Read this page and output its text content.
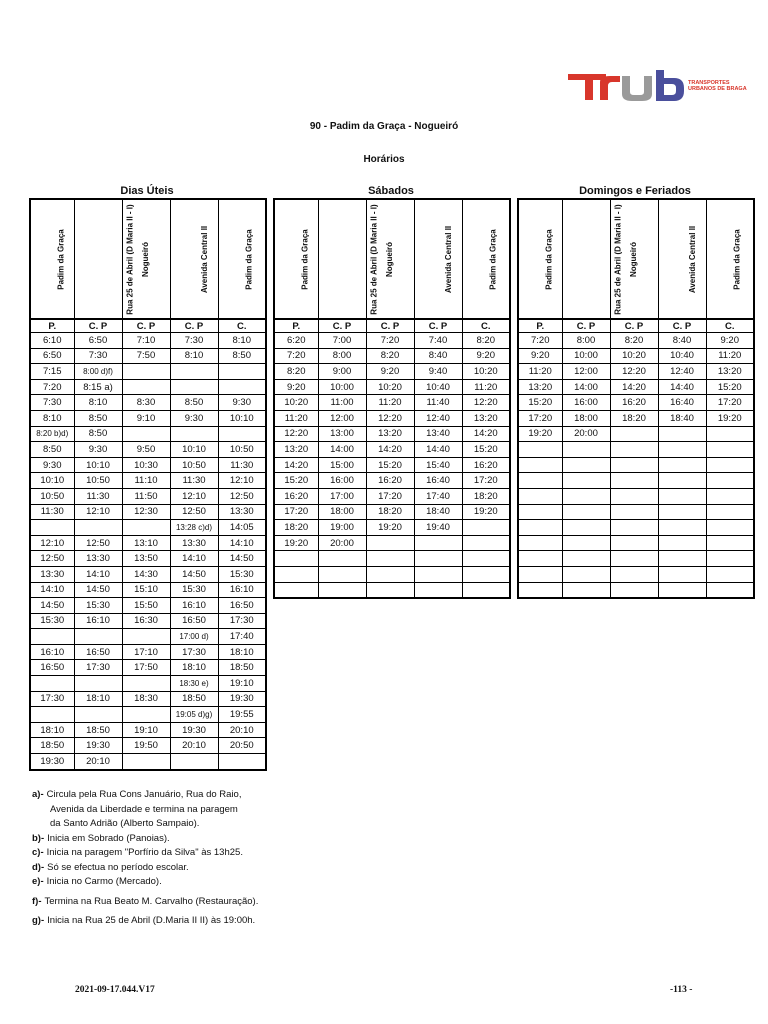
TRANSPORTES
URBANOS DE BRAGA
90 - Padim da Graça - Nogueiró
Horários
Dias Úteis	Sábados	Domingos e Feriados
Padim da Graça	Rua 25 de Abril (D Maria II - I)	Nogueiró	Avenida Central II	Padim da Graça
P.	C. P	C. P	C. P	C.
6:10	6:50	7:10	7:30	8:10
6:50	7:30	7:50	8:10	8:50
7:15	8:00 d)f)			
7:20	8:15 a)			
7:30	8:10	8:30	8:50	9:30
8:10	8:50	9:10	9:30	10:10
8:20 b)d)	8:50			
8:50	9:30	9:50	10:10	10:50
9:30	10:10	10:30	10:50	11:30
10:10	10:50	11:10	11:30	12:10
10:50	11:30	11:50	12:10	12:50
11:30	12:10	12:30	12:50	13:30
			13:28 c)d)	14:05
12:10	12:50	13:10	13:30	14:10
12:50	13:30	13:50	14:10	14:50
13:30	14:10	14:30	14:50	15:30
14:10	14:50	15:10	15:30	16:10
14:50	15:30	15:50	16:10	16:50
15:30	16:10	16:30	16:50	17:30
			17:00 d)	17:40
16:10	16:50	17:10	17:30	18:10
16:50	17:30	17:50	18:10	18:50
			18:30 e)	19:10
17:30	18:10	18:30	18:50	19:30
			19:05 d)g)	19:55
18:10	18:50	19:10	19:30	20:10
18:50	19:30	19:50	20:10	20:50
19:30	20:10			
Padim da Graça	Rua 25 de Abril (D Maria II - I)	Nogueiró	Avenida Central II	Padim da Graça
P.	C. P	C. P	C. P	C.
6:20	7:00	7:20	7:40	8:20
7:20	8:00	8:20	8:40	9:20
8:20	9:00	9:20	9:40	10:20
9:20	10:00	10:20	10:40	11:20
10:20	11:00	11:20	11:40	12:20
11:20	12:00	12:20	12:40	13:20
12:20	13:00	13:20	13:40	14:20
13:20	14:00	14:20	14:40	15:20
14:20	15:00	15:20	15:40	16:20
15:20	16:00	16:20	16:40	17:20
16:20	17:00	17:20	17:40	18:20
17:20	18:00	18:20	18:40	19:20
18:20	19:00	19:20	19:40	
19:20	20:00			

Padim da Graça	Rua 25 de Abril (D Maria II - I)	Nogueiró	Avenida Central II	Padim da Graça
P.	C. P	C. P	C. P	C.
7:20	8:00	8:20	8:40	9:20
9:20	10:00	10:20	10:40	11:20
11:20	12:00	12:20	12:40	13:20
13:20	14:00	14:20	14:40	15:20
15:20	16:00	16:20	16:40	17:20
17:20	18:00	18:20	18:40	19:20
19:20	20:00			

a)- Circula pela Rua Cons Januário, Rua do Raio,
Avenida da Liberdade e termina na paragem
da Santo Adrião (Alberto Sampaio).
b)- Inicia em Sobrado (Panoias).
c)- Inicia na paragem "Porfírio da Silva" às 13h25.
d)- Só se efectua no período escolar.
e)- Inicia no Carmo (Mercado).
f)- Termina na Rua Beato M. Carvalho (Restauração).
g)- Inicia na Rua 25 de Abril (D.Maria II II) às 19:00h.
2021-09-17.044.V17	-113 -
